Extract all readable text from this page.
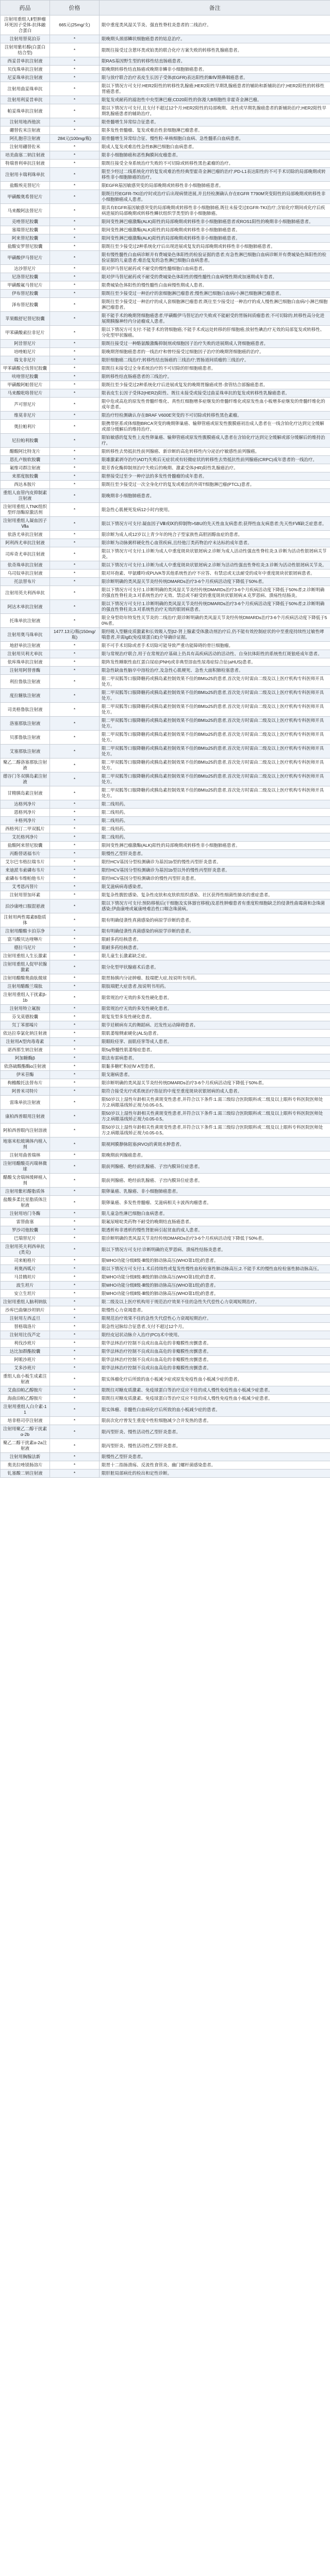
药品	价格	备注
注射用重组人Ⅱ型肿瘤坏死因子受体-抗体融合蛋白	665元(25mg/支)	限中重度类风湿关节炎、强直性脊柱炎患者的二线治疗。
注射用替莫泊芬	*	限晚期头颈部鳞状细胞癌患者的姑息治疗。
注射用紫杉醇(白蛋白结合型)	*	限既往接受过含蒽环类或铂类的联合化疗方案失败的转移性乳腺癌患者。
西妥昔单抗注射液	*	限RAS基因野生型的转移性结直肠癌患者。
贝伐珠单抗注射液	*	限晚期转移性结直肠癌或晚期非鳞非小细胞肺癌患者。
尼妥珠单抗注射液	*	限与放疗联合治疗表皮生长因子受体(EGFR)表达阳性的Ⅲ/Ⅳ期鼻咽癌患者。
注射用曲妥珠单抗	*	限以下情况方可支付:HER2阳性的转移性乳腺癌;HER2阳性早期乳腺癌患者的辅助和新辅助治疗;HER2阳性的转移性胃癌患者。
注射用利妥昔单抗	*	限复发或耐药的滤泡性中央型淋巴瘤;CD20阳性的弥漫大B细胞性非霍奇金淋巴瘤。
帕妥珠单抗注射液	*	限以下情况方可支付,且支付不超过12个月:HER2阳性的局部晚期、炎性或早期乳腺癌患者的新辅助治疗;HER2阳性早期乳腺癌患者的辅助治疗。
注射用地西他滨	*	限骨髓增生异常综合征患者。
硼替佐米注射液	*	限多发性骨髓瘤、复发或难治性套细胞淋巴瘤患者。
阿扎胞苷注射液	284元(100mg/瓶)	限骨髓增生异常综合征、慢性粒-单核细胞白血病、急性髓系白血病患者。
注射用硼替佐米	*	限成人复发或难治性急性B淋巴细胞白血病患者。
培美曲塞二钠注射液	*	限非小细胞肺癌和恶性胸膜间皮瘤患者。
特瑞普利单抗注射液	*	限既往接受全身系统治疗失败的不可切除或转移性黑色素瘤的治疗。
注射用卡瑞利珠单抗	*	限至少经过二线系统化疗的复发或难治性经典型霍奇金淋巴瘤的治疗;PD-L1表达阳性的不可手术切除的局部晚期或转移性非小细胞肺癌的治疗。
盐酸埃克替尼片	*	限EGFR基因敏感突变的局部晚期或转移性非小细胞肺癌患者。
甲磺酸奥希替尼片	*	限既往经EGFR-TKI治疗时或治疗后出现病情进展,并且经检测确认存在EGFR T790M突变阳性的局部晚期或转移性非小细胞肺癌成人患者。
马来酸阿法替尼片	*	限具有EGFR基因敏感突变的局部晚期或转移性非小细胞肺癌,既往未接受过EGFR-TKI治疗;含铂化疗期间或化疗后疾病进展的局部晚期或转移性鳞状组织学类型的非小细胞肺癌。
克唑替尼胶囊	*	限间变性淋巴瘤激酶(ALK)阳性的局部晚期或转移性非小细胞肺癌患者或ROS1阳性的晚期非小细胞肺癌患者。
塞瑞替尼胶囊	*	限间变性淋巴瘤激酶(ALK)阳性的局部晚期或转移性非小细胞肺癌患者。
阿来替尼胶囊	*	限间变性淋巴瘤激酶(ALK)阳性的局部晚期或转移性非小细胞肺癌患者。
盐酸安罗替尼胶囊	*	限既往至少接受过2种系统化疗后出现进展或复发的局部晚期或转移性非小细胞肺癌患者。
甲磺酸伊马替尼片	*	限有慢性髓性白血病诊断并有费城染色体阳性的检验证据的患者;有急性淋巴细胞白血病诊断并有费城染色体阳性的检验证据的儿童患者;难治复发的急性淋巴细胞白血病患者。
达沙替尼片	*	限对伊马替尼耐药或不耐受的慢性髓细胞白血病患者。
尼洛替尼胶囊	*	限对伊马替尼耐药或不耐受的费城染色体阳性的慢性髓性白血病慢性期或加速期成年患者。
甲磺酸氟马替尼片	*	限费城染色体阳性的慢性髓性白血病慢性期成人患者。
伊布替尼胶囊	*	限既往至少接受过一种治疗的套细胞淋巴瘤患者;慢性淋巴细胞白血病/小淋巴细胞淋巴瘤患者。
泽布替尼胶囊	*	限既往至少接受过一种治疗的成人套细胞淋巴瘤患者;既往至少接受过一种治疗的成人慢性淋巴细胞白血病/小淋巴细胞淋巴瘤患者。
苹果酸舒尼替尼胶囊	*	限不能手术的晚期肾细胞癌患者;甲磺酸伊马替尼治疗失败或不能耐受的胃肠间质瘤患者;不可切除的,转移性高分化进展期胰腺神经内分泌瘤成人患者。
甲苯磺酸索拉非尼片	*	限以下情况方可支付:不能手术的肾细胞癌;不能手术或远处转移的肝细胞癌;放射性碘治疗无效的局部复发或转移性、分化型甲状腺癌。
阿昔替尼片	*	限既往接受过一种酪氨酸激酶抑制剂或细胞因子治疗失败的进展期成人肾细胞癌患者。
培唑帕尼片	*	限晚期肾细胞癌患者的一线治疗和曾经接受过细胞因子治疗的晚期肾细胞癌的治疗。
瑞戈非尼片	*	限肝细胞癌二线治疗;转移性结直肠癌的三线治疗;胃肠道间质瘤的三线治疗。
甲苯磺酸仑伐替尼胶囊	*	限既往未接受过全身系统治疗的不可切除的肝细胞癌患者。
呋喹替尼胶囊	*	限转移性结直肠癌患者的三线治疗。
甲磺酸阿帕替尼片	*	限既往至少接受过2种系统化疗后进展或复发的晚期胃腺癌或胃-食管结合部腺癌患者。
马来酸吡咯替尼片	*	限表皮生长因子受体2(HER2)阳性、既往未接受或接受过曲妥珠单抗的复发或转移性乳腺癌患者。
芦可替尼片	*	限中危或高危的原发性骨髓纤维化、真性红细胞增多症继发的骨髓纤维化或原发性血小板增多症继发的骨髓纤维化的成年患者。
维莫非尼片	*	限治疗经检测确认存在BRAF V600E突变的不可切除或转移性黑色素瘤。
奥拉帕利片	*	限携带胚系或体细胞BRCA突变的晚期卵巢癌、输卵管癌或原发性腹膜癌初治成人患者在一线含铂化疗达到完全缓解或部分缓解后的维持治疗。
尼拉帕利胶囊	*	限铂敏感的复发性上皮性卵巢癌、输卵管癌或原发性腹膜癌成人患者在含铂化疗达到完全缓解或部分缓解后的维持治疗。
醋酸阿比特龙片	*	限转移性去势抵抗性前列腺癌、新诊断的高危转移性内分泌治疗敏感性前列腺癌。
恩扎卢胺软胶囊	*	限雄激素剥夺治疗(ADT)失败后无症状或有轻微症状的转移性去势抵抗性前列腺癌(CRPC)成年患者的一线治疗。
氟维司群注射液	*	限芳香化酶抑制剂治疗失败后的晚期、激素受体(HR)阳性乳腺癌治疗。
来那度胺胶囊	*	限曾接受过至少一种疗法的多发性骨髓瘤的成年患者。
西达本胺片	*	限既往至少接受过一次全身化疗的复发或难治的外周T细胞淋巴瘤(PTCL)患者。
重组人血管内皮抑制素注射液	*	限晚期非小细胞肺癌患者。
注射用重组人TNK组织型纤溶酶原激活剂	*	限急性心肌梗死发病12小时内使用。
注射用重组人凝血因子Ⅶa	*	限以下情况方可支付:凝血因子Ⅷ或Ⅸ的抑制物>5BU的先天性血友病患者;获得性血友病患者;先天性FⅦ缺乏症患者。
依洛尤单抗注射液	*	限诊断为成人或12岁以上青少年的纯合子型家族性高胆固醇血症的患者。
阿利西尤单抗注射液	*	限诊断为动脉粥样硬化性心血管疾病,且经他汀类药物治疗未达标的成年患者。
司库奇尤单抗注射液	*	限以下情况方可支付:1.诊断为成人中重度斑块状银屑病;2.诊断为成人活动性强直性脊柱炎;3.诊断为活动性银屑病关节炎。
依奇珠单抗注射液	*	限以下情况方可支付:1.诊断为成人中重度斑块状银屑病;2.诊断为活动性强直性脊柱炎;3.诊断为活动性银屑病关节炎。
乌司奴单抗注射液	*	限对环孢素、甲氨蝶呤或PUVA等其他系统性治疗不应答、有禁忌或无法耐受的成年中重度斑块状银屑病患者。
托法替布片	*	限诊断明确的类风湿关节炎经传统DMARDs治疗3-6个月疾病活动度下降低于50%者。
注射用英夫利西单抗	*	限以下情况方可支付:1.诊断明确的类风湿关节炎经传统DMARDs治疗3-6个月疾病活动度下降低于50%者;2.诊断明确的强直性脊柱炎;3.对系统性治疗无效、禁忌或不耐受的重度斑块状银屑病;4.克罗恩病、溃疡性结肠炎。
阿达木单抗注射液	*	限以下情况方可支付:1.诊断明确的类风湿关节炎经传统DMARDs治疗3-6个月疾病活动度下降低于50%者;2.诊断明确的强直性脊柱炎;3.对系统性治疗无效的银屑病患者。
托珠单抗注射液	*	限全身型幼年特发性关节炎的二线治疗;限诊断明确的类风湿关节炎经传统DMARDs治疗3-6个月疾病活动度下降低于50%者。
注射用奥马珠单抗	1477.13元/瓶(150mg/瓶)	限经吸入型糖皮质激素和长效吸入型β2-肾上腺素受体激动剂治疗后,仍不能有效控制症状的中至重度持续性过敏性哮喘患者,并需IgE(免疫球蛋白E)介导确诊证据。
地舒单抗注射液	*	限不可手术切除或者手术切除可能导致严重功能障碍的骨巨细胞瘤。
注射用贝利尤单抗	*	限与常规治疗联合,用于在常规治疗基础上仍具有高疾病活动的活动性、自身抗体阳性的系统性红斑狼疮成年患者。
依库珠单抗注射液	*	限阵发性睡眠性血红蛋白尿症(PNH)或非典型溶血性尿毒症综合征(aHUS)患者。
注射用阿替普酶	*	限急性缺血性脑卒中溶栓治疗,及急性心肌梗死、急性大面积肺栓塞患者。
利拉鲁肽注射液	*	限二甲双胍等口服降糖药或胰岛素控制效果不佳的BMI≥25的患者,首次处方时需由二级及以上医疗机构专科医师开具处方。
度拉糖肽注射液	*	限二甲双胍等口服降糖药或胰岛素控制效果不佳的BMI≥25的患者,首次处方时需由二级及以上医疗机构专科医师开具处方。
司美格鲁肽注射液	*	限二甲双胍等口服降糖药或胰岛素控制效果不佳的BMI≥25的患者,首次处方时需由二级及以上医疗机构专科医师开具处方。
洛塞那肽注射液	*	限二甲双胍等口服降糖药或胰岛素控制效果不佳的BMI≥25的患者,首次处方时需由二级及以上医疗机构专科医师开具处方。
贝那鲁肽注射液	*	限二甲双胍等口服降糖药或胰岛素控制效果不佳的BMI≥25的患者,首次处方时需由二级及以上医疗机构专科医师开具处方。
艾塞那肽注射液	*	限二甲双胍等口服降糖药或胰岛素控制效果不佳的BMI≥25的患者,首次处方时需由二级及以上医疗机构专科医师开具处方。
聚乙二醇洛塞那肽注射液	*	限二甲双胍等口服降糖药或胰岛素控制效果不佳的BMI≥25的患者,首次处方时需由二级及以上医疗机构专科医师开具处方。
德谷门冬双胰岛素注射液	*	限二甲双胍等口服降糖药或胰岛素控制效果不佳的BMI≥25的患者,首次处方时需由二级及以上医疗机构专科医师开具处方。
甘精胰岛素注射液	*	限二甲双胍等口服降糖药或胰岛素控制效果不佳的BMI≥25的患者,首次处方时需由二级及以上医疗机构专科医师开具处方。
达格列净片	*	限二线用药。
恩格列净片	*	限二线用药。
卡格列净片	*	限二线用药。
西格列汀二甲双胍片	*	限二线用药。
艾托格列净片	*	限二线用药。
盐酸阿来替尼胶囊	*	限间变性淋巴瘤激酶(ALK)阳性的局部晚期或转移性非小细胞肺癌患者。
丙酚替诺福韦片	*	限慢性乙型肝炎患者。
艾尔巴韦格拉瑞韦片	*	限经HCV基因分型检测确诊为基因1b型的慢性丙型肝炎患者。
来迪派韦索磷布韦片	*	限经HCV基因分型检测确诊为基因1b型以外的慢性丙型肝炎患者。
索磷布韦维帕他韦片	*	限经HCV基因分型检测确诊的慢性丙型肝炎患者。
艾考恩丙替片	*	限艾滋病病毒感染者。
注射用替加环素	*	限复杂性腹腔感染、复杂性皮肤和皮肤软组织感染、社区获得性细菌性肺炎的重症患者。
泊沙康唑口服混悬液	*	限以下情况方可支付:预防移植后(干细胞及实体器官移植)及恶性肿瘤患者有重度粒细胞缺乏的侵袭性曲霉菌和念珠菌感染;伊曲康唑或氟康唑难治性口咽念珠菌病。
注射用两性霉素B脂质体	*	限有明确侵袭性真菌感染的病原学诊断的患者。
注射用醋酸卡泊芬净	*	限有明确侵袭性真菌感染的病原学诊断的患者。
富马酸贝达喹啉片	*	限耐多药结核患者。
德拉马尼片	*	限耐多药结核患者。
注射用重组人生长激素	*	限儿童生长激素缺乏症。
注射用重组人促甲状腺激素	*	限分化型甲状腺癌术后患者。
注射用醋酸奥曲肽微球	*	限胃肠胰内分泌肿瘤、肢端肥大症,按说明书用药。
注射用醋酸兰瑞肽	*	限肢端肥大症患者,按说明书用药。
注射用重组人干扰素β-1b	*	限常规治疗无效的多发性硬化患者。
注射用特立氟胺	*	限常规治疗无效的多发性硬化患者。
芬戈莫德胶囊	*	限复发型多发性硬化患者。
氘丁苯那嗪片	*	限亨廷顿病有关的舞蹈病、迟发性运动障碍患者。
依达拉奉氯化钠注射液	*	限肌萎缩侧索硬化(ALS)患者。
注射用A型肉毒毒素	*	限眼睑痉挛、面肌痉挛等成人患者。
诺西那生钠注射液	*	限5q脊髓性肌萎缩症患者。
阿加糖酶β	*	限法布雷病患者。
依洛硫酸酯酶α注射液	*	限黏多糖贮积症Ⅳ A型患者。
伊米苷酶	*	限戈谢病患者。
枸橼酸托法替布片	*	限诊断明确的类风湿关节炎经传统DMARDs治疗3-6个月疾病活动度下降低于50%者。
阿普米司特片	*	限符合接受光疗或系统治疗指征的中度至重度斑块状银屑病的成人患者。
雷珠单抗注射液	*	限50岁以上湿性年龄相关性黄斑变性患者,并符合以下条件:1.需三级综合医院眼科或二级及以上眼科专科医院医师处方;2.病眼基线矫正视力0.05-0.5。
康柏西普眼用注射液	*	限50岁以上湿性年龄相关性黄斑变性患者,并符合以下条件:1.需三级综合医院眼科或二级及以上眼科专科医院医师处方;2.病眼基线矫正视力0.05-0.5。
阿柏西普眼内注射溶液	*	限50岁以上湿性年龄相关性黄斑变性患者,并符合以下条件:1.需三级综合医院眼科或二级及以上眼科专科医院医师处方;2.病眼基线矫正视力0.05-0.5。
地塞米松玻璃体内植入剂	*	限视网膜静脉阻塞(RVO)的黄斑水肿患者。
注射用曲普瑞林	*	限晚期前列腺癌患者。
注射用醋酸亮丙瑞林微球	*	限前列腺癌、绝经前乳腺癌、子宫内膜异位症患者。
醋酸戈舍瑞林缓释植入剂	*	限前列腺癌、绝经前乳腺癌、子宫内膜异位症患者。
注射用紫杉醇脂质体	*	限卵巢癌、乳腺癌、非小细胞肺癌患者。
盐酸多柔比星脂质体注射液	*	限卵巢癌、多发性骨髓瘤、艾滋病相关卡波西肉瘤患者。
注射用培门冬酶	*	限儿童急性淋巴细胞白血病患者。
雷替曲塞	*	限氟尿嘧啶类药物不耐受的晚期结直肠癌患者。
罗沙司他胶囊	*	限透析和非透析的慢性肾脏病引起贫血的成人患者。
巴瑞替尼片	*	限诊断明确的类风湿关节炎经传统DMARDs治疗3-6个月疾病活动度下降低于50%者。
注射用英夫利西单抗(类克)	*	限以下情况方可支付:诊断明确的克罗恩病、溃疡性结肠炎患者。
司来帕格片	*	限WHO功能分级Ⅱ级-Ⅲ级的肺动脉高压(WHO第1组)的患者。
利奥西呱片	*	限以下情况方可支付:1.术后持续性或复发性慢性血栓栓塞性肺动脉高压;2.不能手术的慢性血栓栓塞性肺动脉高压。
马昔腾坦片	*	限WHO功能分级Ⅱ级-Ⅲ级的肺动脉高压(WHO第1组)的患者。
波生坦片	*	限WHO功能分级Ⅱ级-Ⅲ级的肺动脉高压(WHO第1组)的患者。
安立生坦片	*	限WHO功能分级Ⅱ级-Ⅲ级的肺动脉高压(WHO第1组)的患者。
注射用重组人脑利钠肽	*	限二级及以上医疗机构用于规范治疗效果不佳的急性失代偿性心力衰竭短期治疗。
沙库巴曲缬沙坦钠片	*	限慢性心力衰竭患者。
注射用左西孟旦	*	限规范治疗效果不佳的急性失代偿性心力衰竭短期治疗。
替格瑞洛片	*	限急性冠脉综合征患者,支付不超过12个月。
注射用比伐芦定	*	限经皮冠状动脉介入治疗(PCI)术中使用。
利伐沙班片	*	限华法林治疗控制不良或出血高危的非瓣膜性房颤患者。
达比加群酯胶囊	*	限华法林治疗控制不良或出血高危的非瓣膜性房颤患者。
阿哌沙班片	*	限华法林治疗控制不良或出血高危的非瓣膜性房颤患者。
艾多沙班片	*	限华法林治疗控制不良或出血高危的非瓣膜性房颤患者。
重组人血小板生成素注射液	*	限实体瘤化疗后所致的血小板减少症或原发免疫性血小板减少症的患者。
艾曲泊帕乙醇胺片	*	限既往对糖皮质激素、免疫球蛋白等治疗反应不佳的成人慢性免疫性血小板减少症患者。
海曲泊帕乙醇胺片	*	限既往对糖皮质激素、免疫球蛋白等治疗反应不佳的成人慢性免疫性血小板减少症患者。
注射用重组人白介素-11	*	限实体瘤、非髓性白血病化疗后所致的血小板减少症的患者。
培非格司亭注射液	*	限前次化疗曾发生重度中性粒细胞减少合并发热的患者。
注射用聚乙二醇干扰素α-2b	*	限丙型肝炎、慢性活动性乙型肝炎患者。
聚乙二醇干扰素α-2a注射液	*	限丙型肝炎、慢性活动性乙型肝炎患者。
注射用胸腺法新	*	限慢性乙型肝炎患者。
奥美拉唑镁肠溶片	*	限胃十二指肠溃疡、反流性食管炎、幽门螺杆菌感染患者。
钆塞酸二钠注射液	*	限肝脏局部病灶的检出和定性诊断。
